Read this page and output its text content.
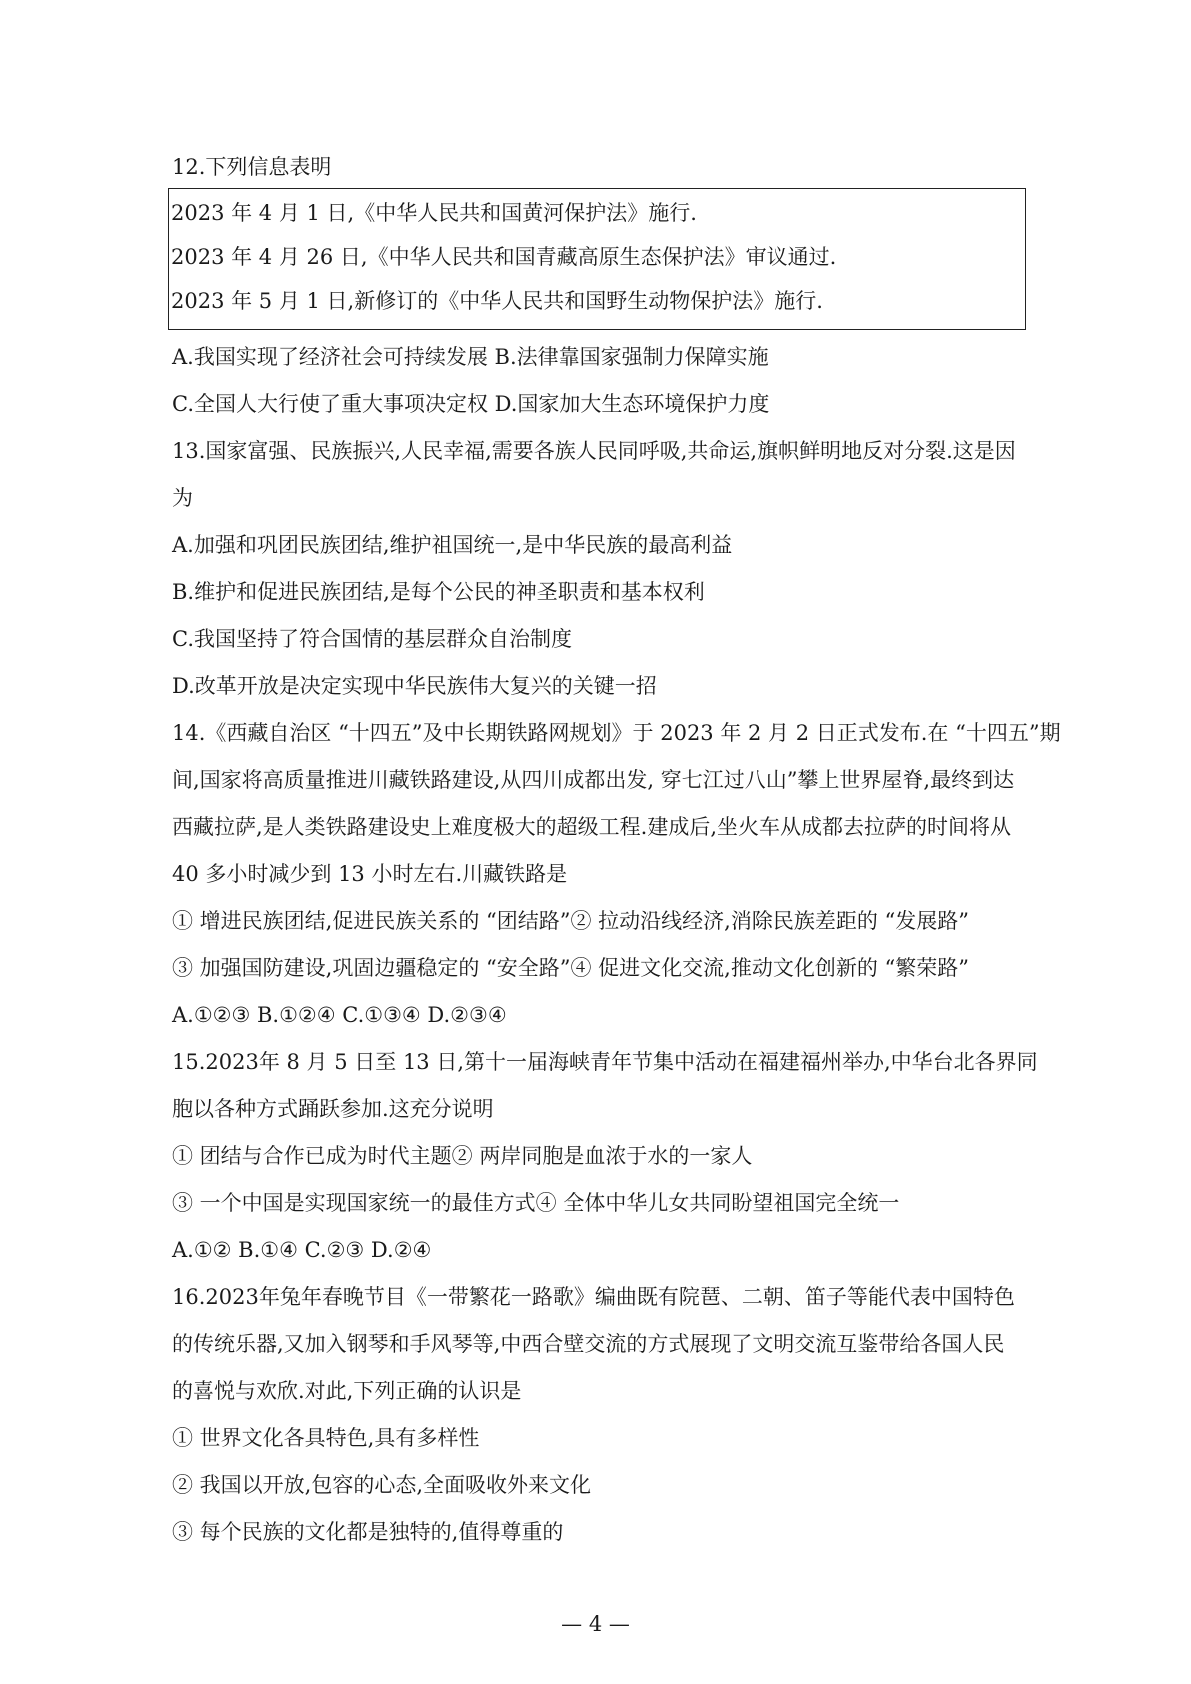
12.下列信息表明
2023 年 4 月 1 日,《中华人民共和国黄河保护法》施行.
2023 年 4 月 26 日,《中华人民共和国青藏高原生态保护法》审议通过.
2023 年 5 月 1 日,新修订的《中华人民共和国野生动物保护法》施行.
A.我国实现了经济社会可持续发展 B.法律靠国家强制力保障实施
C.全国人大行使了重大事项决定权 D.国家加大生态环境保护力度
13.国家富强、民族振兴,人民幸福,需要各族人民同呼吸,共命运,旗帜鲜明地反对分裂.这是因
为
A.加强和巩团民族团结,维护祖国统一,是中华民族的最高利益
B.维护和促进民族团结,是每个公民的神圣职责和基本权利
C.我国坚持了符合国情的基层群众自治制度
D.改革开放是决定实现中华民族伟大复兴的关键一招
14.《西藏自治区 “十四五”及中长期铁路网规划》于 2023 年 2 月 2 日正式发布.在 “十四五”期
间,国家将高质量推进川藏铁路建设,从四川成都出发, 穿七江过八山”攀上世界屋脊,最终到达
西藏拉萨,是人类铁路建设史上难度极大的超级工程.建成后,坐火车从成都去拉萨的时间将从
40 多小时减少到 13 小时左右.川藏铁路是
① 增进民族团结,促进民族关系的 “团结路”② 拉动沿线经济,消除民族差距的 “发展路”
③ 加强国防建设,巩固边疆稳定的 “安全路”④ 促进文化交流,推动文化创新的 “繁荣路”
A.①②③ B.①②④ C.①③④ D.②③④
15.2023年 8 月 5 日至 13 日,第十一届海峡青年节集中活动在福建福州举办,中华台北各界同
胞以各种方式踊跃参加.这充分说明
① 团结与合作已成为时代主题② 两岸同胞是血浓于水的一家人
③ 一个中国是实现国家统一的最佳方式④ 全体中华儿女共同盼望祖国完全统一
A.①② B.①④ C.②③ D.②④
16.2023年兔年春晚节目《一带繁花一路歌》编曲既有院琶、二朝、笛子等能代表中国特色
的传统乐器,又加入钢琴和手风琴等,中西合壁交流的方式展现了文明交流互鉴带给各国人民
的喜悦与欢欣.对此,下列正确的认识是
① 世界文化各具特色,具有多样性
② 我国以开放,包容的心态,全面吸收外来文化
③ 每个民族的文化都是独特的,值得尊重的
— 4 —
